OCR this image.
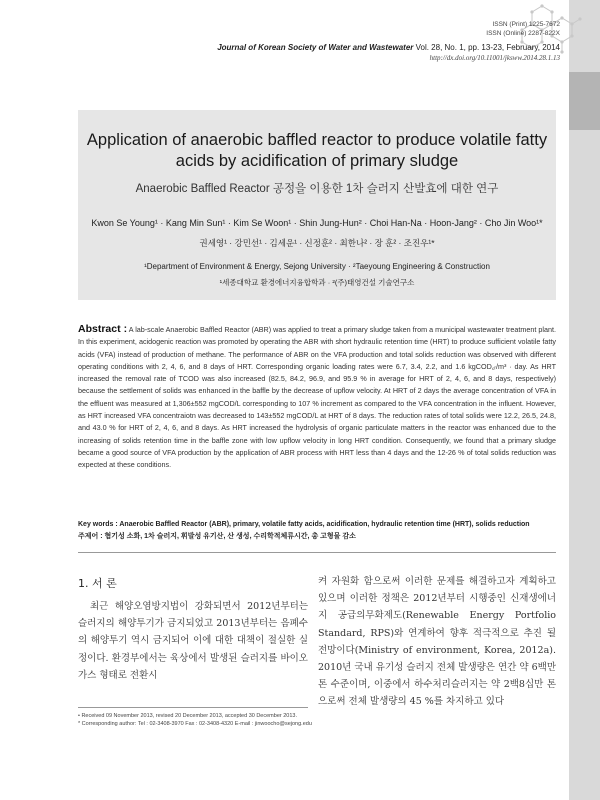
ISSN (Print) 1225-7672
ISSN (Online) 2287-822X
Journal of Korean Society of Water and Wastewater Vol. 28, No. 1, pp. 13-23, February, 2014
http://dx.doi.org/10.11001/jksww.2014.28.1.13
Application of anaerobic baffled reactor to produce volatile fatty acids by acidification of primary sludge
Anaerobic Baffled Reactor 공정을 이용한 1차 슬러지 산발효에 대한 연구
Kwon Se Young¹ · Kang Min Sun¹ · Kim Se Woon¹ · Shin Jung-Hun² · Choi Han-Na · Hoon-Jang² · Cho Jin Woo¹*
권세영¹ · 강민선¹ · 김세운¹ · 신정훈² · 최한나² · 장 훈² · 조진우¹*
¹Department of Environment & Energy, Sejong University · ²Taeyoung Engineering & Construction
¹세종대학교 환경에너지융합학과 · ²(주)태영건설 기술연구소
Abstract : A lab-scale Anaerobic Baffled Reactor (ABR) was applied to treat a primary sludge taken from a municipal wastewater treatment plant. In this experiment, acidogenic reaction was promoted by operating the ABR with short hydraulic retention time (HRT) to produce sufficient volatile fatty acids (VFA) instead of production of methane. The performance of ABR on the VFA production and total solids reduction was observed with different operating conditions with 2, 4, 6, and 8 days of HRT. Corresponding organic loading rates were 6.7, 3.4, 2.2, and 1.6 kgCOD꜀ᵣ/m³ · day. As HRT increased the removal rate of TCOD was also increased (82.5, 84.2, 96.9, and 95.9 % in average for HRT of 2, 4, 6, and 8 days, respectively) because the settlement of solids was enhanced in the baffle by the decrease of upflow velocity. At HRT of 2 days the average concentration of VFA in the effluent was measured at 1,306±552 mgCOD/L corresponding to 107 % increment as compared to the VFA concentration in the influent. However, as HRT increased VFA concentraiotn was decreased to 143±552 mgCOD/L at HRT of 8 days. The reduction rates of total solids were 12.2, 26.5, 24.8, and 43.0 % for HRT of 2, 4, 6, and 8 days. As HRT increased the hydrolysis of organic particulate matters in the reactor was enhanced due to the increasing of solids retention time in the baffle zone with low upflow velocity in long HRT condition. Consequently, we found that a primary sludge became a good source of VFA production by the application of ABR process with HRT less than 4 days and the 12-26 % of total solids reduction was expected at these conditions.
Key words : Anaerobic Baffled Reactor (ABR), primary, volatile fatty acids, acidification, hydraulic retention time (HRT), solids reduction
주제어 : 혐기성 소화, 1차 슬러지, 휘발성 유기산, 산 생성, 수리학적체류시간, 총 고형물 감소
1. 서 론
최근 해양오염방지법이 강화되면서 2012년부터는 슬러지의 해양투기가 금지되었고 2013년부터는 음폐수의 해양투기 역시 금지되어 이에 대한 대책이 절실한 실정이다. 환경부에서는 육상에서 발생된 슬러지를 바이오가스 형태로 전환시
켜 자원화 함으로써 이러한 문제를 해결하고자 계획하고 있으며 이러한 정책은 2012년부터 시행중인 신재생에너지 공급의무화제도(Renewable Energy Portfolio Standard, RPS)와 연계하여 향후 적극적으로 추진 될 전망이다(Ministry of environment, Korea, 2012a). 2010년 국내 유기성 슬러지 전체 발생량은 연간 약 6백만 톤 수준이며, 이중에서 하수처리슬러지는 약 2백8십만 톤으로써 전체 발생량의 45 %를 차지하고 있다
• Received 09 November 2013, revised 20 December 2013, accepted 30 December 2013.
* Corresponding author: Tel : 02-3408-3970 Fax : 02-3408-4320 E-mail : jinwoocho@sejong.edu
